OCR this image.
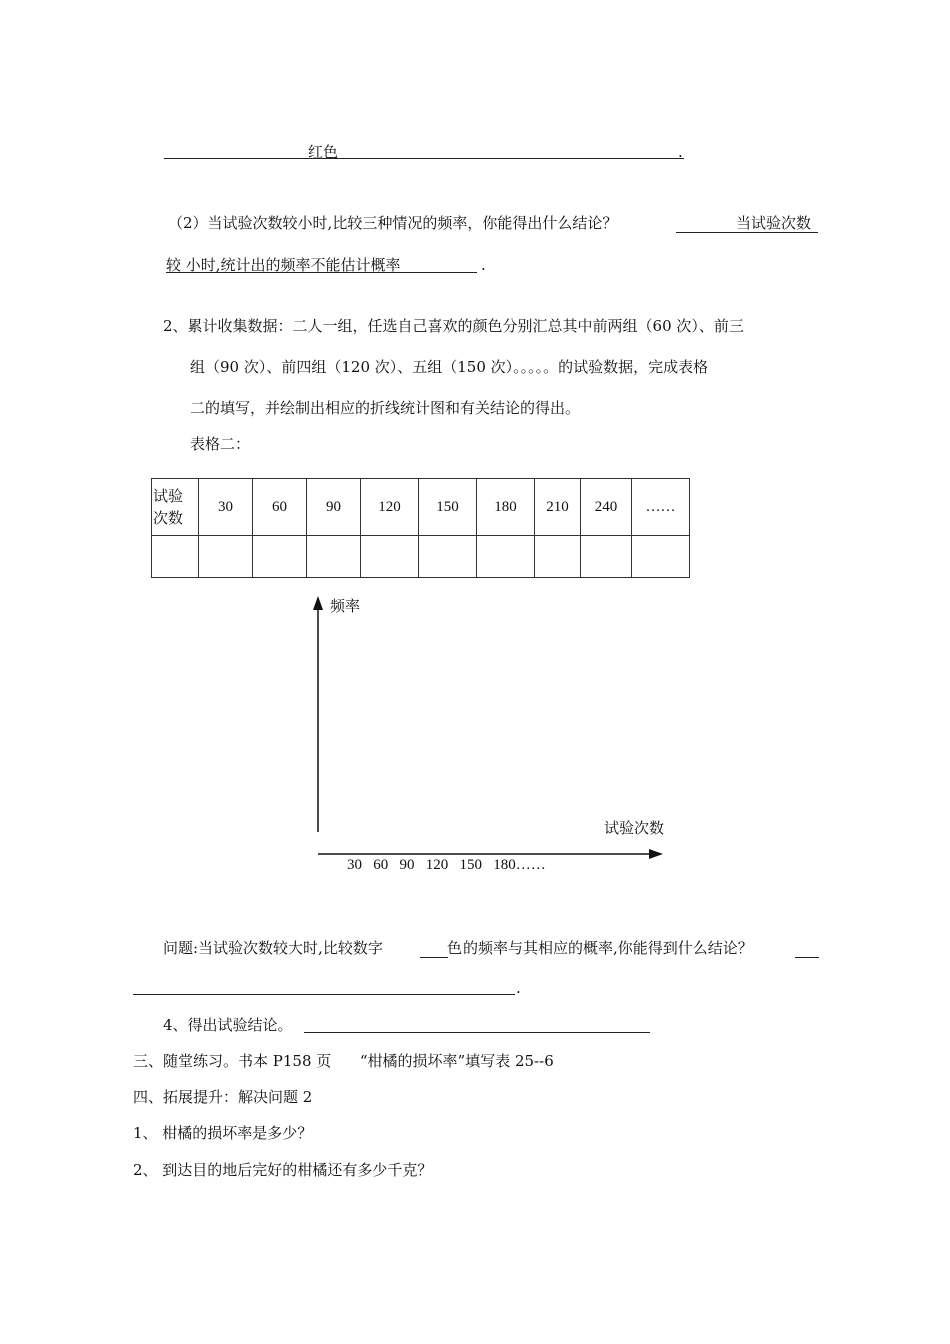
红色	.
（2）当试验次数较小时,比较三种情况的频率，你能得出什么结论？	当试验次数
较 小时,统计出的频率不能估计概率	.
2、累计收集数据：二人一组，任选自己喜欢的颜色分别汇总其中前两组（60 次）、前三
组（90 次）、前四组（120 次）、五组（150 次）。。。。。的试验数据，完成表格
二的填写，并绘制出相应的折线统计图和有关结论的得出。
表格二：
试验
次数	30	60	90	120	150	180	210	240	……

频率
试验次数
30   60   90   120   150   180……
问题:当试验次数较大时,比较数字	色 的频率与其相应的概率,你能得到什么结论？
.
4、得出试验结论。
三、随堂练习。书本 P158 页      “柑橘的损坏率”填写表 25--6
四、拓展提升：解决问题 2
1、 柑橘的损坏率是多少？
2、 到达目的地后完好的柑橘还有多少千克？
